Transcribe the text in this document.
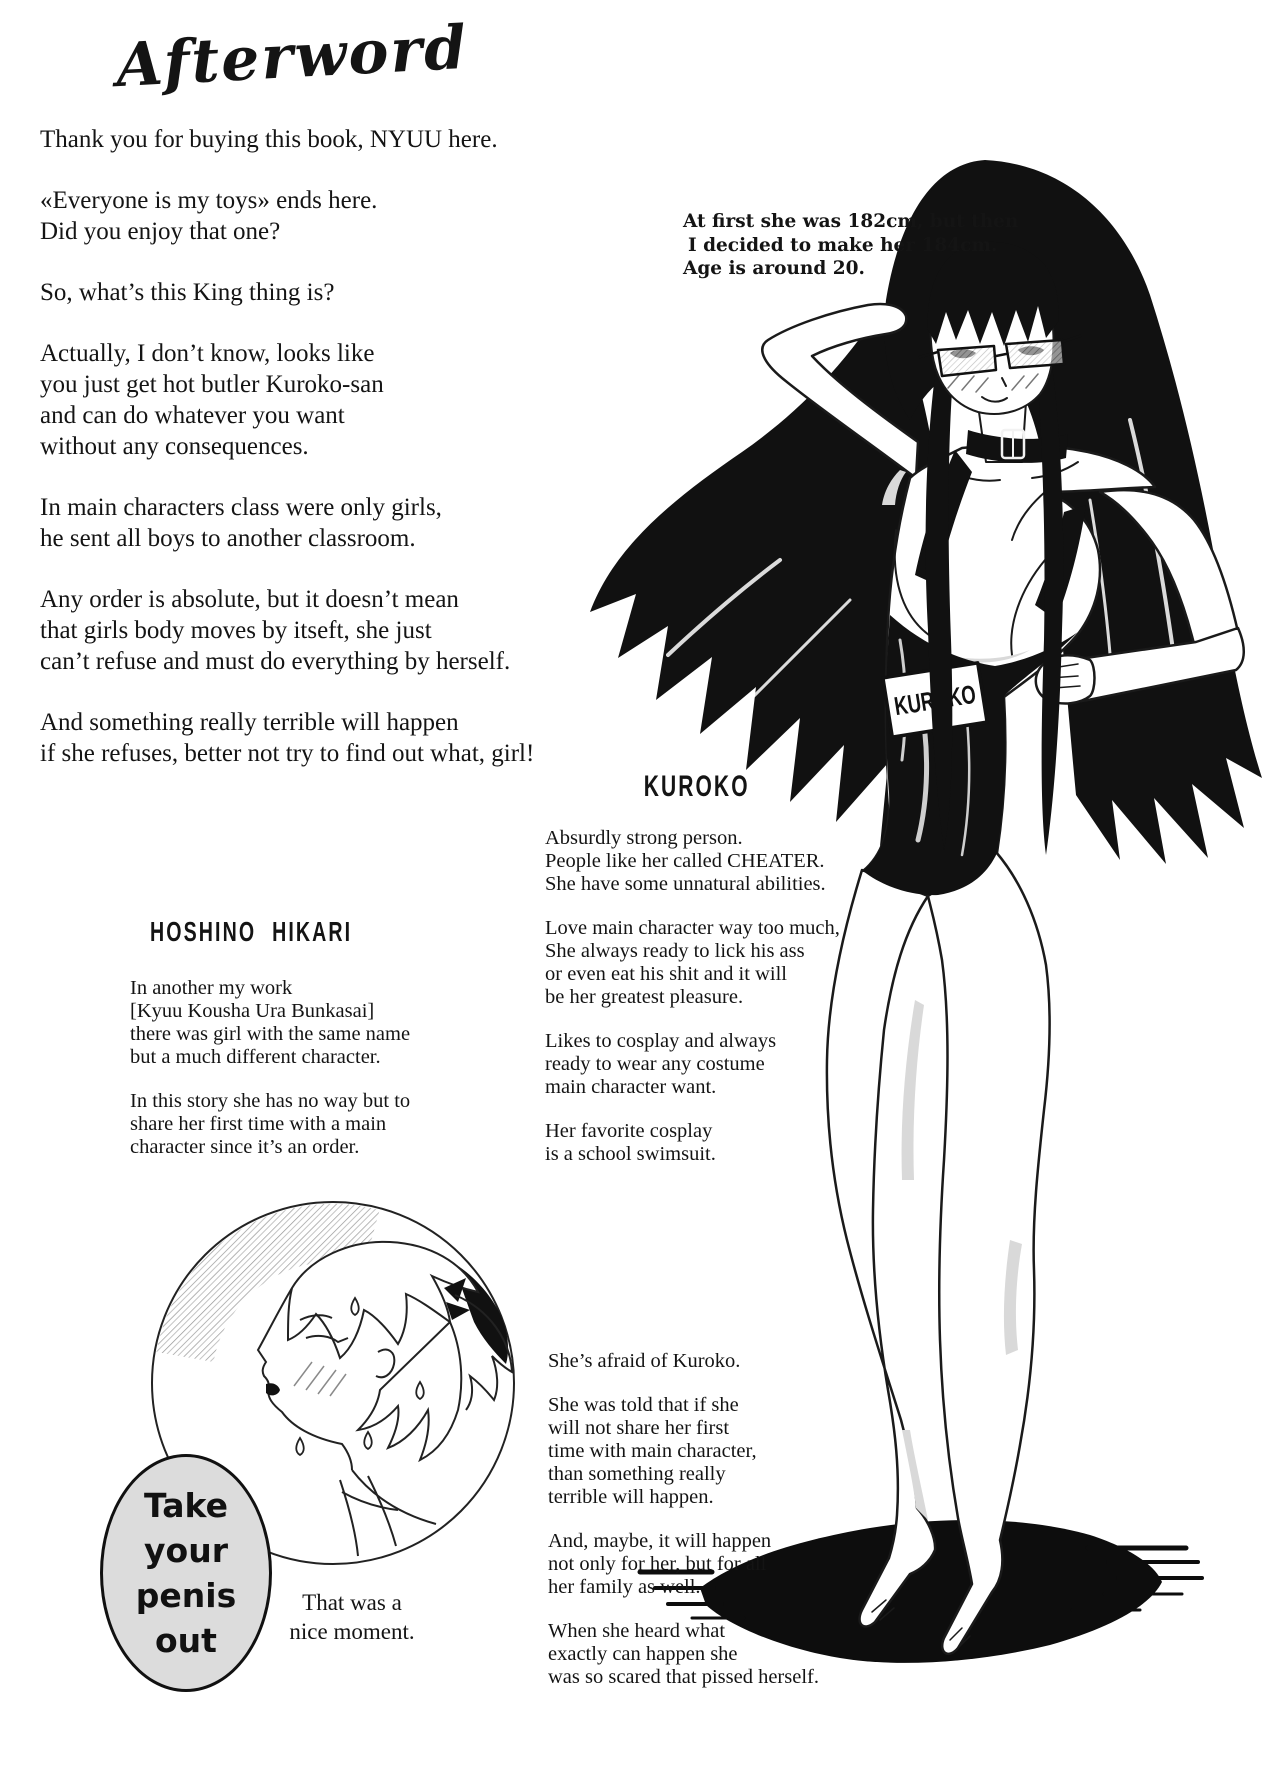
Afterword

Thank you for buying this book, NYUU here.

«Everyone is my toys» ends here.
Did you enjoy that one?

So, what’s this King thing is?

Actually, I don’t know, looks like
you just get hot butler Kuroko-san
and can do whatever you want
without any consequences.

In main characters class were only girls,
he sent all boys to another classroom.

Any order is absolute, but it doesn’t mean
that girls body moves by itseft, she just
can’t refuse and must do everything by herself.

And something really terrible will happen
if she refuses, better not try to find out what, girl!

At first she was 182cm, but then
I decided to make her 184cm.
Age is around 20.
KUROKO

Absurdly strong person.
People like her called CHEATER.
She have some unnatural abilities.

Love main character way too much,
She always ready to lick his ass
or even eat his shit and it will
be her greatest pleasure.

Likes to cosplay and always
ready to wear any costume
main character want.

Her favorite cosplay
is a school swimsuit.

HOSHINO HIKARI

In another my work
[Kyuu Kousha Ura Bunkasai]
there was girl with the same name
but a much different character.

In this story she has no way but to
share her first time with a main
character since it’s an order.

She’s afraid of Kuroko.

She was told that if she
will not share her first
time with main character,
than something really
terrible will happen.

And, maybe, it will happen
not only for her, but for all
her family as well.

When she heard what
exactly can happen she
was so scared that pissed herself.

Take
your
penis
out
That was a
nice moment.
